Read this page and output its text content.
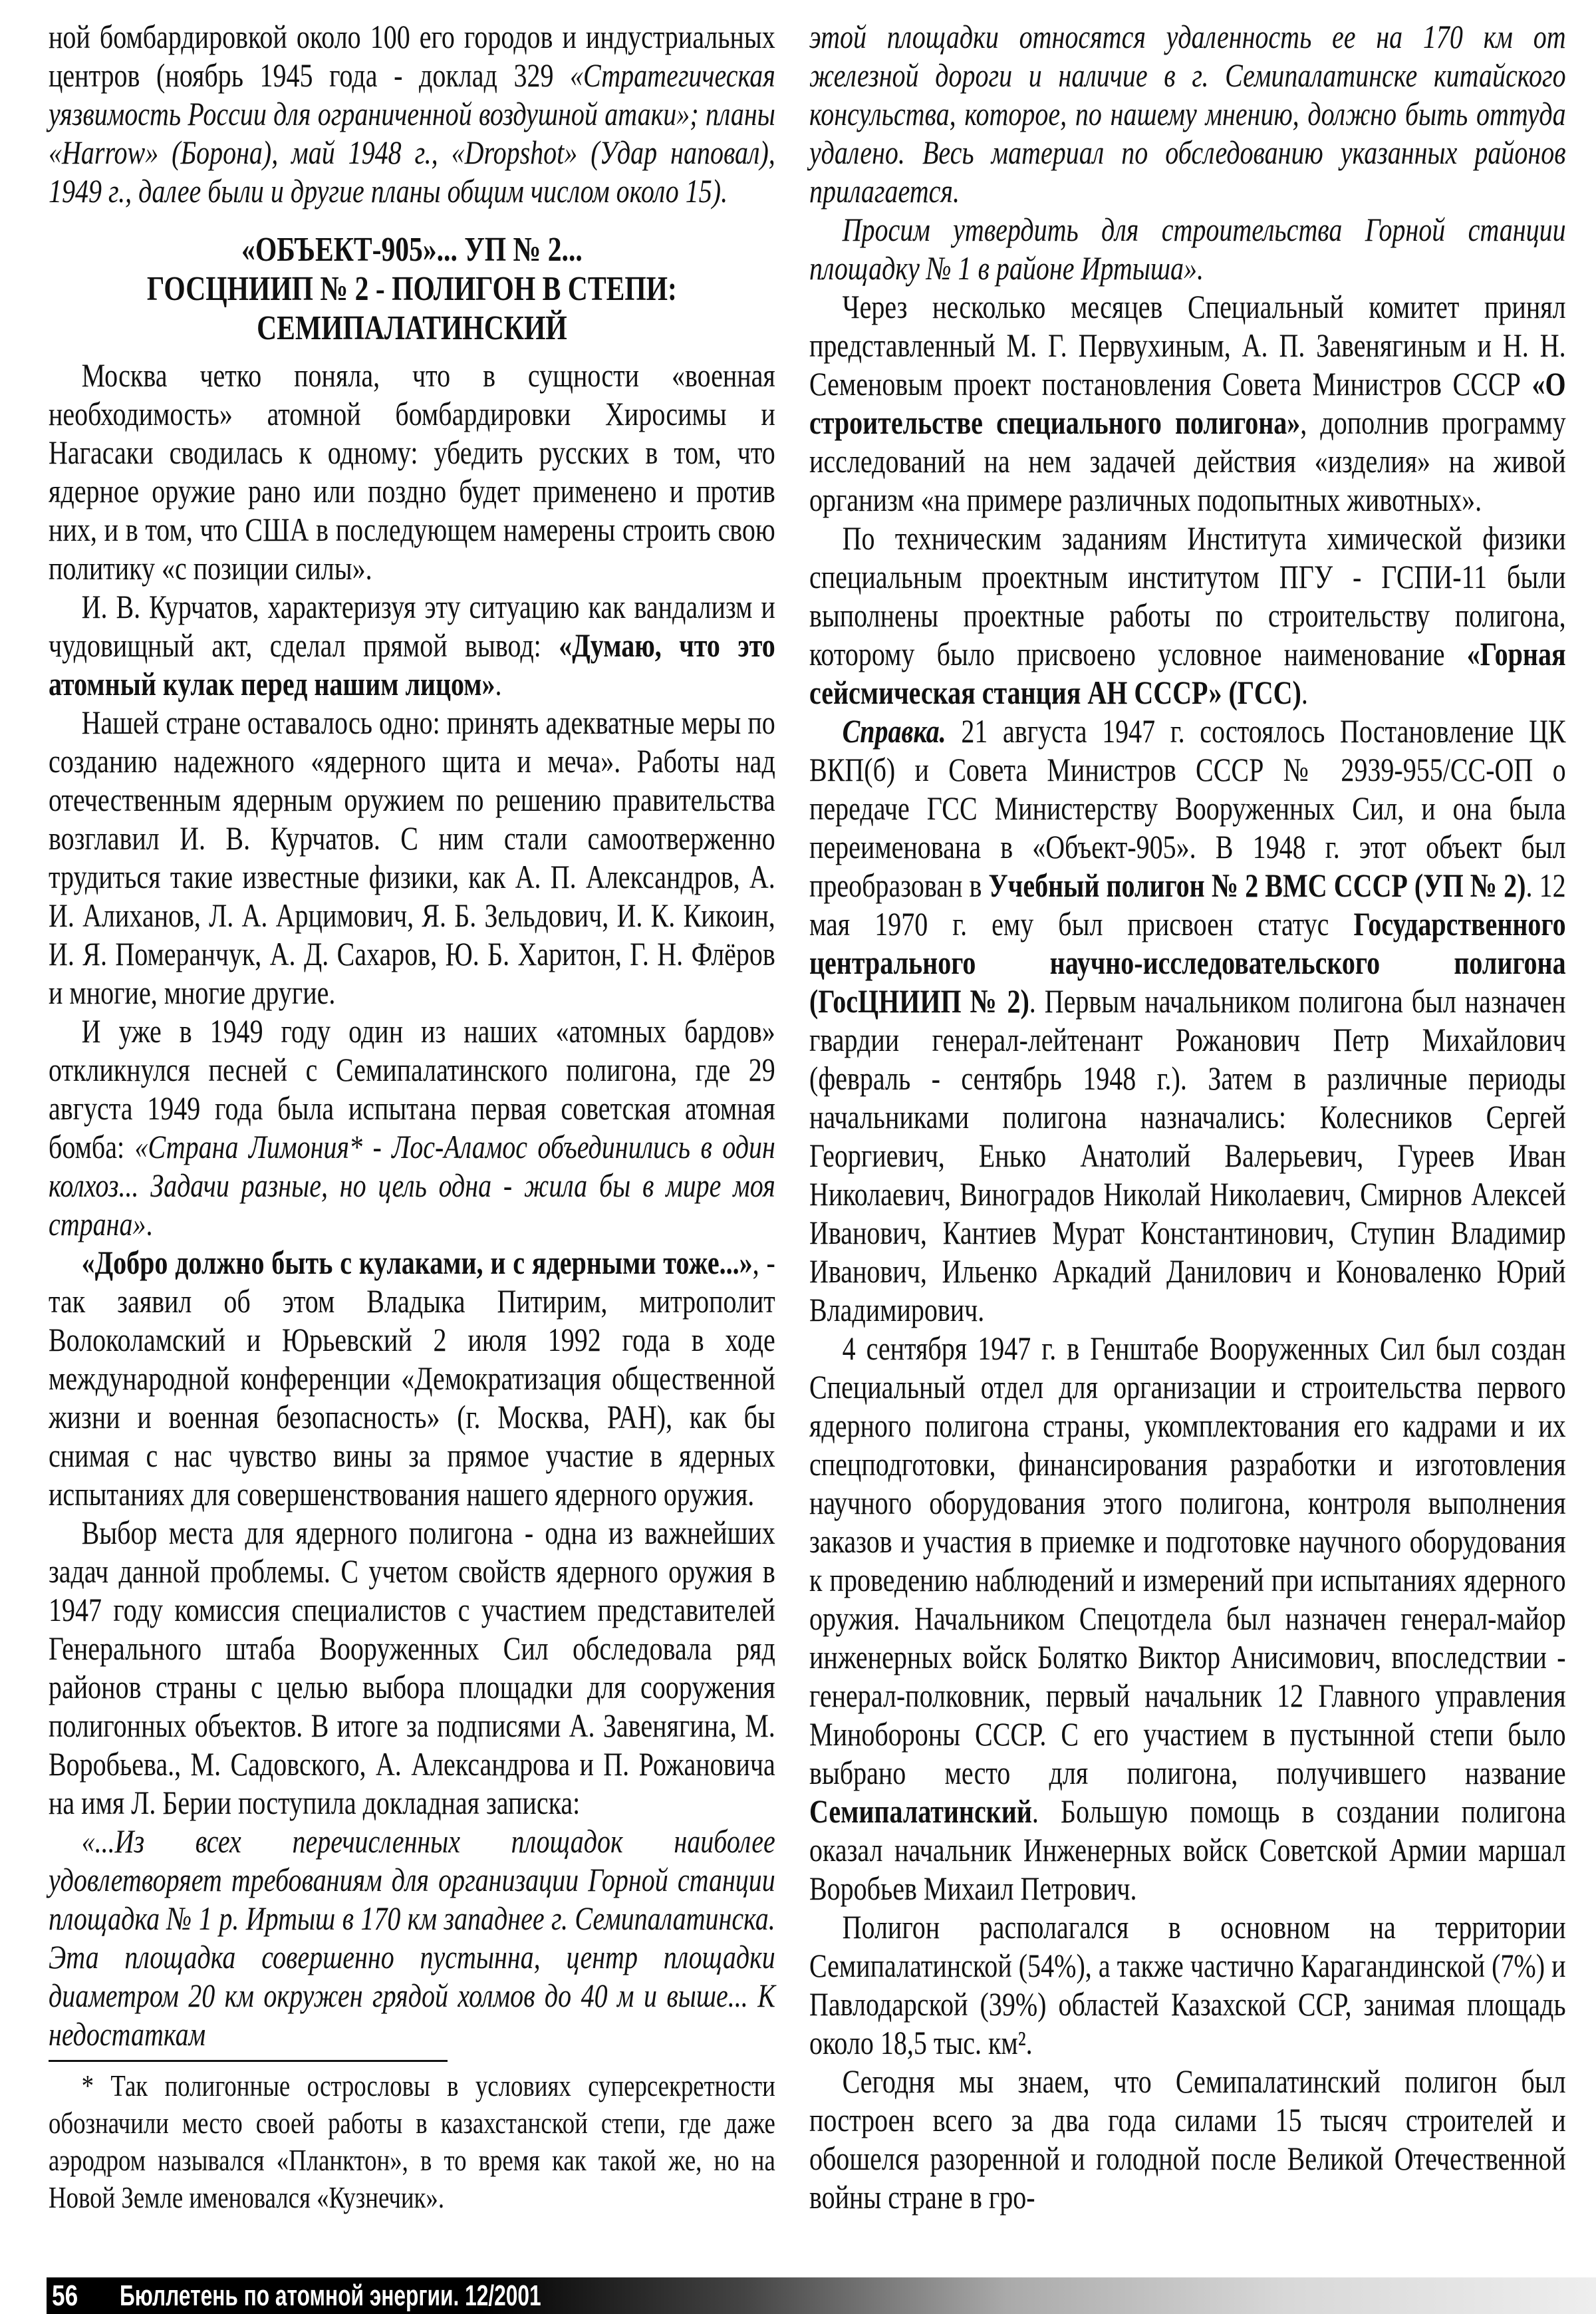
ной бомбардировкой около 100 его городов и индустриальных центров (ноябрь 1945 года - доклад 329 «Стратегическая уязвимость России для ограниченной воздушной атаки»; планы «Harrow» (Борона), май 1948 г., «Dropshot» (Удар наповал), 1949 г., далее были и другие планы общим числом около 15).

«ОБЪЕКТ-905»... УП № 2...
ГОСЦНИИП № 2 - ПОЛИГОН В СТЕПИ:
СЕМИПАЛАТИНСКИЙ

Москва четко поняла, что в сущности «военная необходимость» атомной бомбардировки Хиросимы и Нагасаки сводилась к одному: убедить русских в том, что ядерное оружие рано или поздно будет применено и против них, и в том, что США в последующем намерены строить свою политику «с позиции силы».

И. В. Курчатов, характеризуя эту ситуацию как вандализм и чудовищный акт, сделал прямой вывод: «Думаю, что это атомный кулак перед нашим лицом».

Нашей стране оставалось одно: принять адекватные меры по созданию надежного «ядерного щита и меча». Работы над отечественным ядерным оружием по решению правительства возглавил И. В. Курчатов. С ним стали самоотверженно трудиться такие известные физики, как А. П. Александров, А. И. Алиханов, Л. А. Арцимович, Я. Б. Зельдович, И. К. Кикоин, И. Я. Померанчук, А. Д. Сахаров, Ю. Б. Харитон, Г. Н. Флёров и многие, многие другие.

И уже в 1949 году один из наших «атомных бардов» откликнулся песней с Семипалатинского полигона, где 29 августа 1949 года была испытана первая советская атомная бомба: «Страна Лимония* - Лос-Аламос объединились в один колхоз... Задачи разные, но цель одна - жила бы в мире моя страна».

«Добро должно быть с кулаками, и с ядерными тоже...», - так заявил об этом Владыка Питирим, митрополит Волоколамский и Юрьевский 2 июля 1992 года в ходе международной конференции «Демократизация общественной жизни и военная безопасность» (г. Москва, РАН), как бы снимая с нас чувство вины за прямое участие в ядерных испытаниях для совершенствования нашего ядерного оружия.

Выбор места для ядерного полигона - одна из важнейших задач данной проблемы. С учетом свойств ядерного оружия в 1947 году комиссия специалистов с участием представителей Генерального штаба Вооруженных Сил обследовала ряд районов страны с целью выбора площадки для сооружения полигонных объектов. В итоге за подписями А. Завенягина, М. Воробьева., М. Садовского, А. Александрова и П. Рожановича на имя Л. Берии поступила докладная записка:

«...Из всех перечисленных площадок наиболее удовлетворяет требованиям для организации Горной станции площадка № 1 р. Иртыш в 170 км западнее г. Семипалатинска. Эта площадка совершенно пустынна, центр площадки диаметром 20 км окружен грядой холмов до 40 м и выше... К недостаткам

* Так полигонные острословы в условиях суперсекретности обозначили место своей работы в казахстанской степи, где даже аэродром назывался «Планктон», в то время как такой же, но на Новой Земле именовался «Кузнечик».

этой площадки относятся удаленность ее на 170 км от железной дороги и наличие в г. Семипалатинске китайского консульства, которое, по нашему мнению, должно быть оттуда удалено. Весь материал по обследованию указанных районов прилагается.

Просим утвердить для строительства Горной станции площадку № 1 в районе Иртыша».

Через несколько месяцев Специальный комитет принял представленный М. Г. Первухиным, А. П. Завенягиным и Н. Н. Семеновым проект постановления Совета Министров СССР «О строительстве специального полигона», дополнив программу исследований на нем задачей действия «изделия» на живой организм «на примере различных подопытных животных».

По техническим заданиям Института химической физики специальным проектным институтом ПГУ - ГСПИ-11 были выполнены проектные работы по строительству полигона, которому было присвоено условное наименование «Горная сейсмическая станция АН СССР» (ГСС).

Справка. 21 августа 1947 г. состоялось Постановление ЦК ВКП(б) и Совета Министров СССР № 2939-955/СС-ОП о передаче ГСС Министерству Вооруженных Сил, и она была переименована в «Объект-905». В 1948 г. этот объект был преобразован в Учебный полигон № 2 ВМС СССР (УП № 2). 12 мая 1970 г. ему был присвоен статус Государственного центрального научно-исследовательского полигона (ГосЦНИИП № 2). Первым начальником полигона был назначен гвардии генерал-лейтенант Рожанович Петр Михайлович (февраль - сентябрь 1948 г.). Затем в различные периоды начальниками полигона назначались: Колесников Сергей Георгиевич, Енько Анатолий Валерьевич, Гуреев Иван Николаевич, Виноградов Николай Николаевич, Смирнов Алексей Иванович, Кантиев Мурат Константинович, Ступин Владимир Иванович, Ильенко Аркадий Данилович и Коноваленко Юрий Владимирович.

4 сентября 1947 г. в Генштабе Вооруженных Сил был создан Специальный отдел для организации и строительства первого ядерного полигона страны, укомплектования его кадрами и их спецподготовки, финансирования разработки и изготовления научного оборудования этого полигона, контроля выполнения заказов и участия в приемке и подготовке научного оборудования к проведению наблюдений и измерений при испытаниях ядерного оружия. Начальником Спецотдела был назначен генерал-майор инженерных войск Болятко Виктор Анисимович, впоследствии - генерал-полковник, первый начальник 12 Главного управления Минобороны СССР. С его участием в пустынной степи было выбрано место для полигона, получившего название Семипалатинский. Большую помощь в создании полигона оказал начальник Инженерных войск Советской Армии маршал Воробьев Михаил Петрович.

Полигон располагался в основном на территории Семипалатинской (54%), а также частично Карагандинской (7%) и Павлодарской (39%) областей Казахской ССР, занимая площадь около 18,5 тыс. км².

Сегодня мы знаем, что Семипалатинский полигон был построен всего за два года силами 15 тысяч строителей и обошелся разоренной и голодной после Великой Отечественной войны стране в гро-

56 Бюллетень по атомной энергии. 12/2001
